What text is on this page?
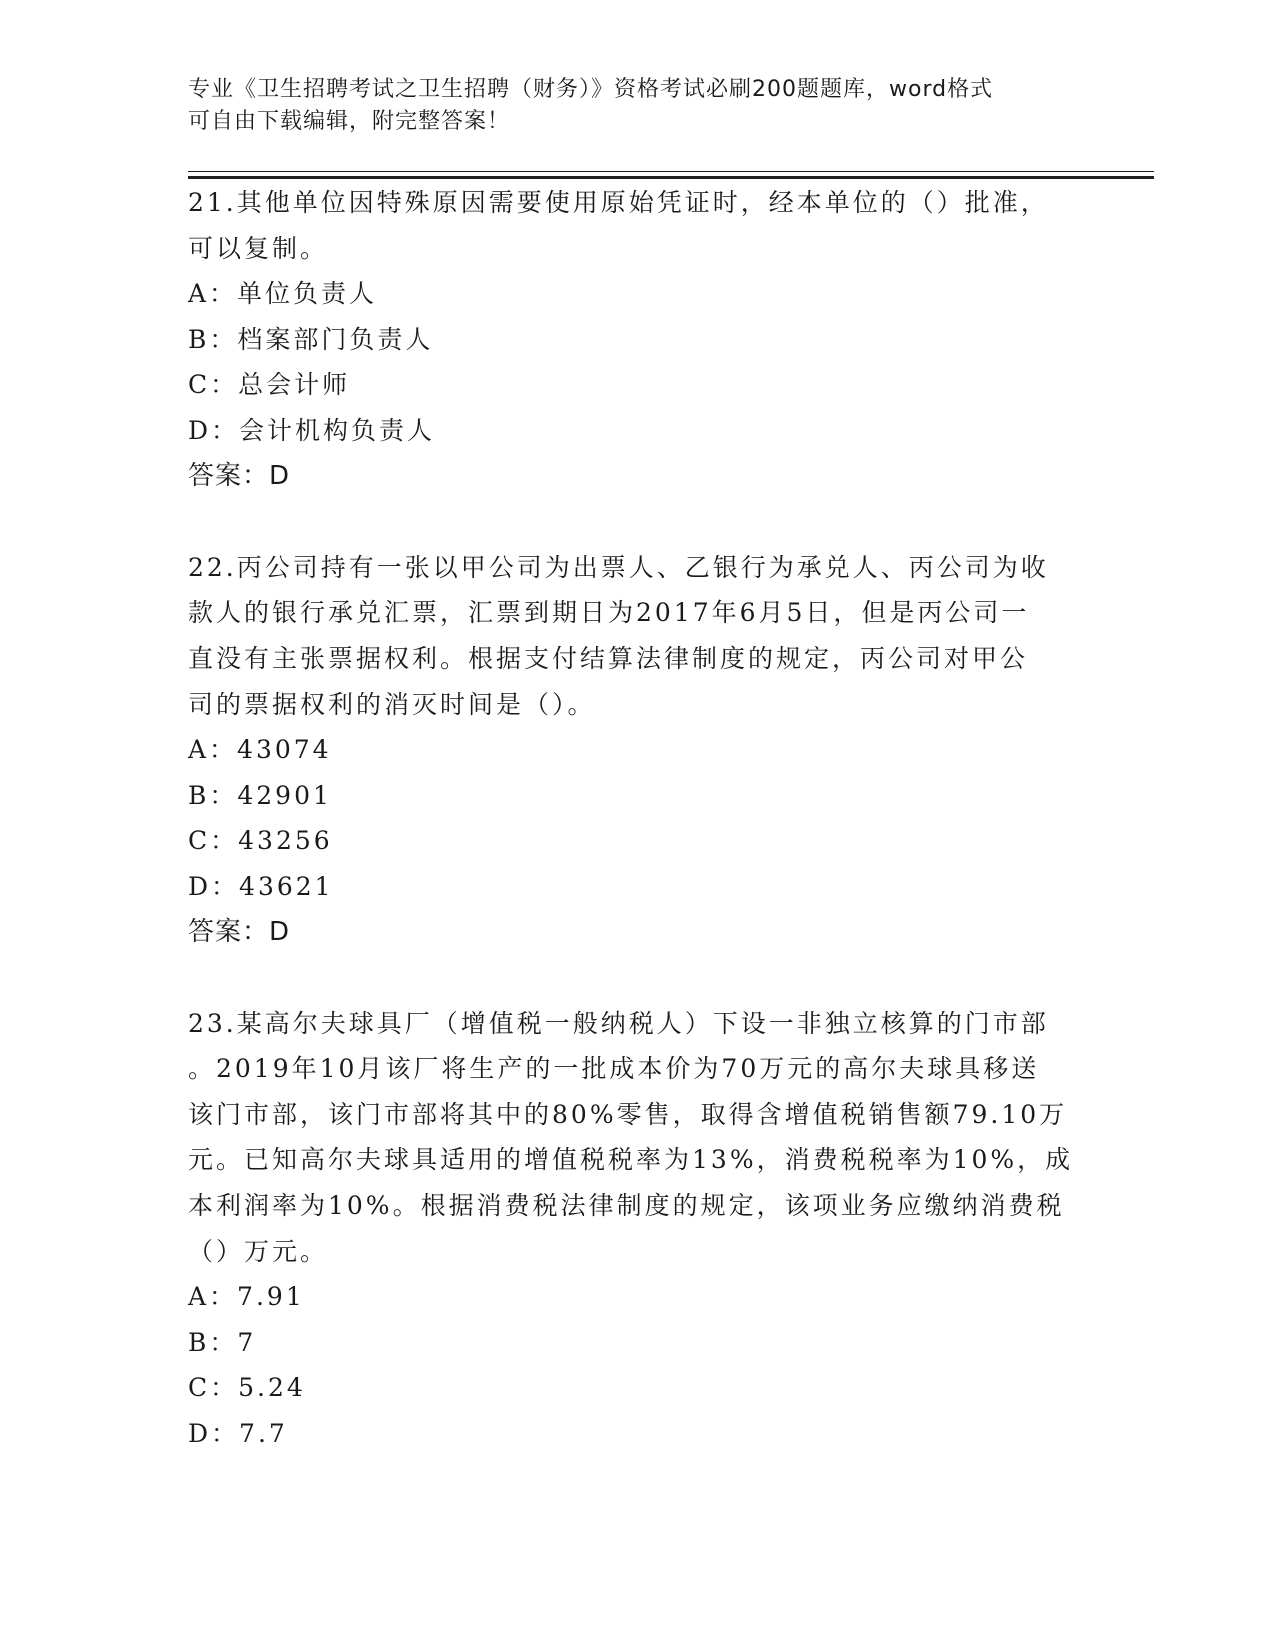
专业《卫生招聘考试之卫生招聘（财务）》资格考试必刷200题题库，word格式
可自由下载编辑，附完整答案！

21.其他单位因特殊原因需要使用原始凭证时，经本单位的（）批准，

可以复制。

A：单位负责人

B：档案部门负责人

C：总会计师

D：会计机构负责人

答案：D

22.丙公司持有一张以甲公司为出票人、乙银行为承兑人、丙公司为收

款人的银行承兑汇票，汇票到期日为2017年6月5日，但是丙公司一

直没有主张票据权利。根据支付结算法律制度的规定，丙公司对甲公

司的票据权利的消灭时间是（）。

A：43074

B：42901

C：43256

D：43621

答案：D

23.某高尔夫球具厂（增值税一般纳税人）下设一非独立核算的门市部

。2019年10月该厂将生产的一批成本价为70万元的高尔夫球具移送

该门市部，该门市部将其中的80%零售，取得含增值税销售额79.10万

元。已知高尔夫球具适用的增值税税率为13%，消费税税率为10%，成

本利润率为10%。根据消费税法律制度的规定，该项业务应缴纳消费税

（）万元。

A：7.91

B：7

C：5.24

D：7.7
